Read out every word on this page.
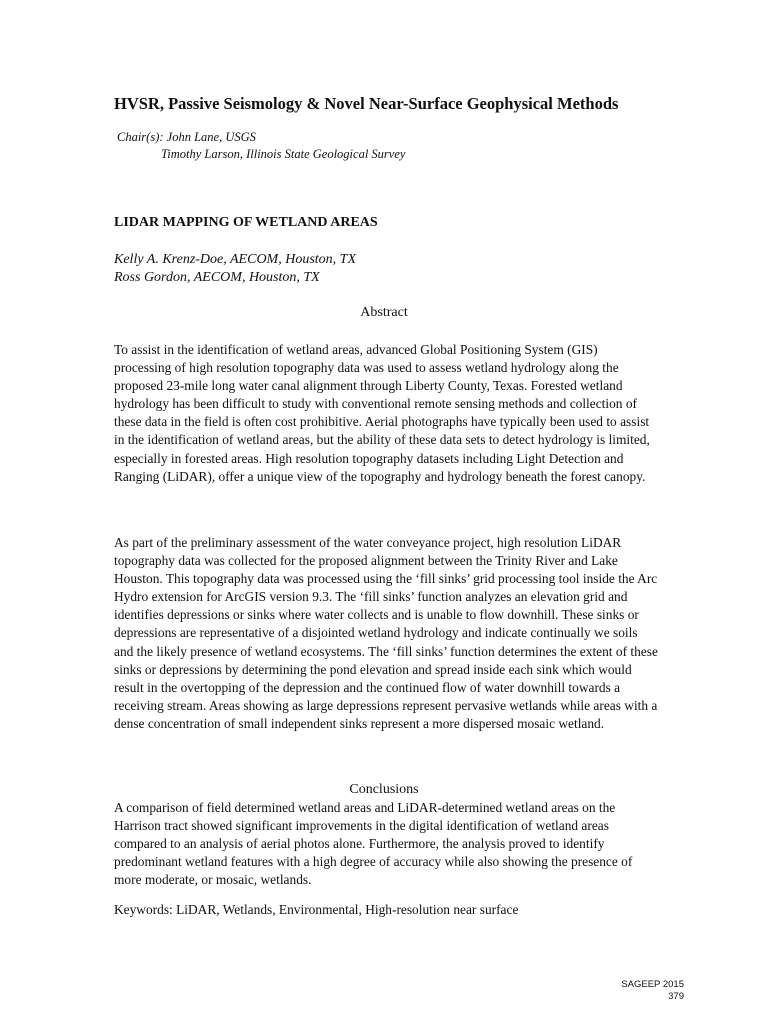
HVSR, Passive Seismology & Novel Near-Surface Geophysical Methods
Chair(s): John Lane, USGS
Timothy Larson, Illinois State Geological Survey
LIDAR MAPPING OF WETLAND AREAS
Kelly A. Krenz-Doe, AECOM, Houston, TX
Ross Gordon, AECOM, Houston, TX
Abstract

To assist in the identification of wetland areas, advanced Global Positioning System (GIS) processing of high resolution topography data was used to assess wetland hydrology along the proposed 23-mile long water canal alignment through Liberty County, Texas. Forested wetland hydrology has been difficult to study with conventional remote sensing methods and collection of these data in the field is often cost prohibitive. Aerial photographs have typically been used to assist in the identification of wetland areas, but the ability of these data sets to detect hydrology is limited, especially in forested areas. High resolution topography datasets including Light Detection and Ranging (LiDAR), offer a unique view of the topography and hydrology beneath the forest canopy.

As part of the preliminary assessment of the water conveyance project, high resolution LiDAR topography data was collected for the proposed alignment between the Trinity River and Lake Houston. This topography data was processed using the ‘fill sinks’ grid processing tool inside the Arc Hydro extension for ArcGIS version 9.3. The ‘fill sinks’ function analyzes an elevation grid and identifies depressions or sinks where water collects and is unable to flow downhill. These sinks or depressions are representative of a disjointed wetland hydrology and indicate continually we soils and the likely presence of wetland ecosystems. The ‘fill sinks’ function determines the extent of these sinks or depressions by determining the pond elevation and spread inside each sink which would result in the overtopping of the depression and the continued flow of water downhill towards a receiving stream. Areas showing as large depressions represent pervasive wetlands while areas with a dense concentration of small independent sinks represent a more dispersed mosaic wetland.

Conclusions

A comparison of field determined wetland areas and LiDAR-determined wetland areas on the Harrison tract showed significant improvements in the digital identification of wetland areas compared to an analysis of aerial photos alone. Furthermore, the analysis proved to identify predominant wetland features with a high degree of accuracy while also showing the presence of more moderate, or mosaic, wetlands.

Keywords: LiDAR, Wetlands, Environmental, High-resolution near surface
SAGEEP 2015
379
